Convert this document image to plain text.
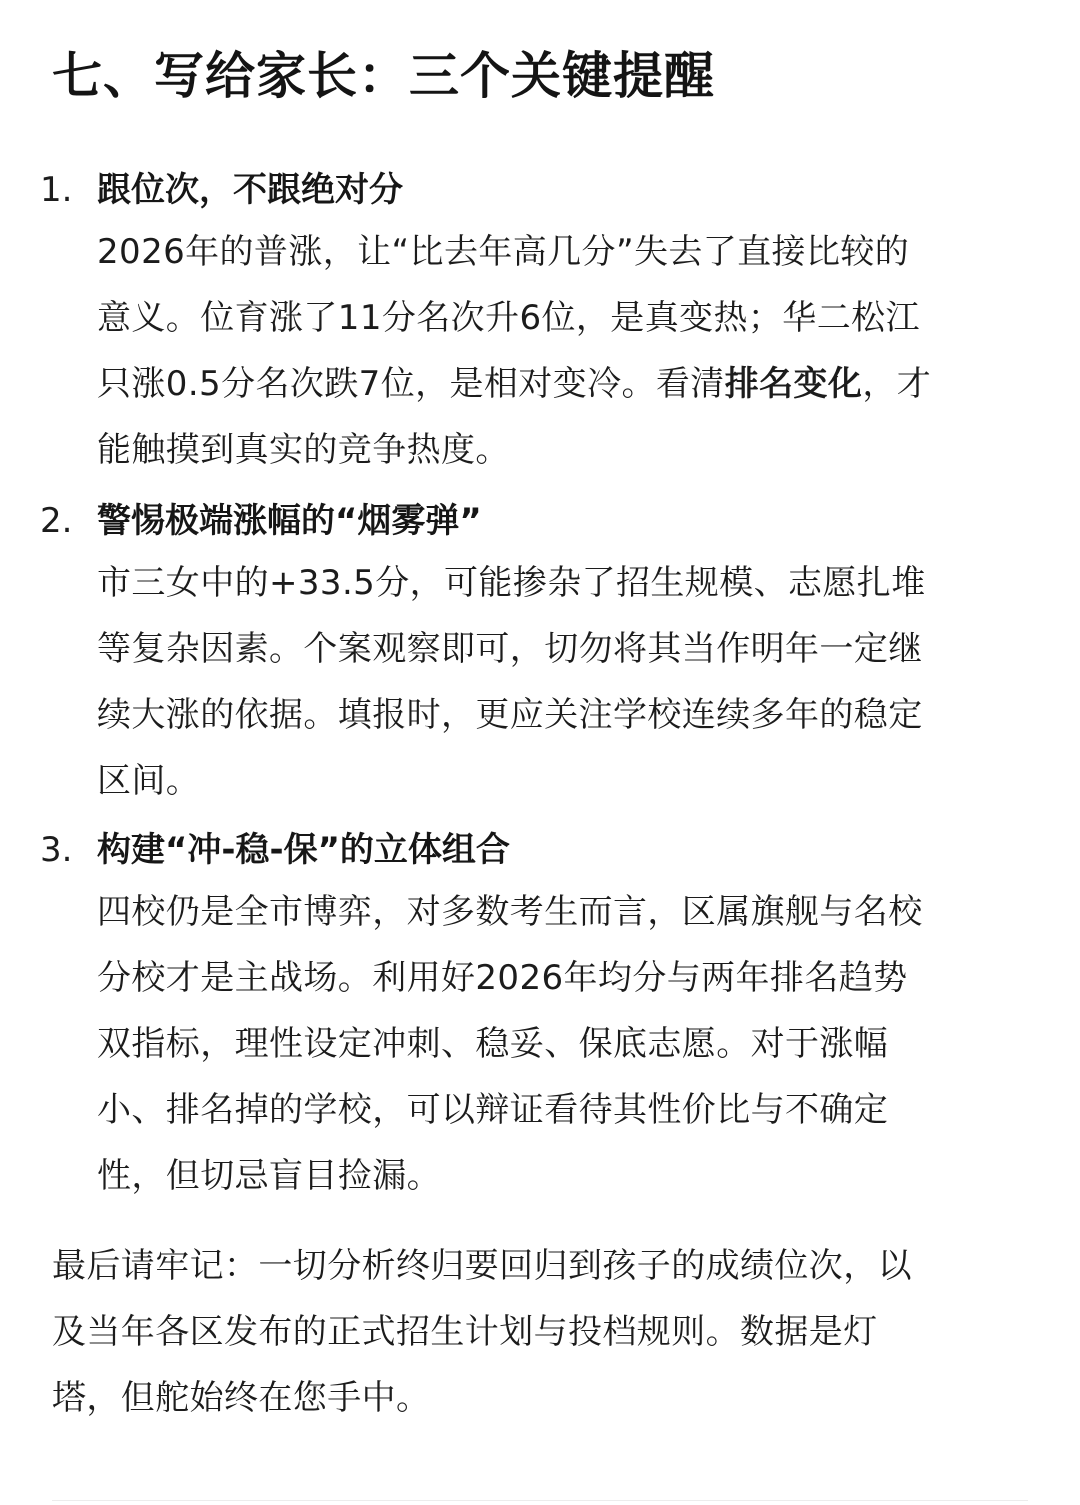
七、写给家长：三个关键提醒
1. 跟位次，不跟绝对分

2026年的普涨，让“比去年高几分”失去了直接比较的
意义。位育涨了11分名次升6位，是真变热；华二松江
只涨0.5分名次跌7位，是相对变冷。看清排名变化，才
能触摸到真实的竞争热度。

2. 警惕极端涨幅的“烟雾弹”

市三女中的+33.5分，可能掺杂了招生规模、志愿扎堆
等复杂因素。个案观察即可，切勿将其当作明年一定继
续大涨的依据。填报时，更应关注学校连续多年的稳定
区间。

3. 构建“冲-稳-保”的立体组合

四校仍是全市博弈，对多数考生而言，区属旗舰与名校
分校才是主战场。利用好2026年均分与两年排名趋势
双指标，理性设定冲刺、稳妥、保底志愿。对于涨幅
小、排名掉的学校，可以辩证看待其性价比与不确定
性，但切忌盲目捡漏。

最后请牢记：一切分析终归要回归到孩子的成绩位次，以
及当年各区发布的正式招生计划与投档规则。数据是灯
塔，但舵始终在您手中。
